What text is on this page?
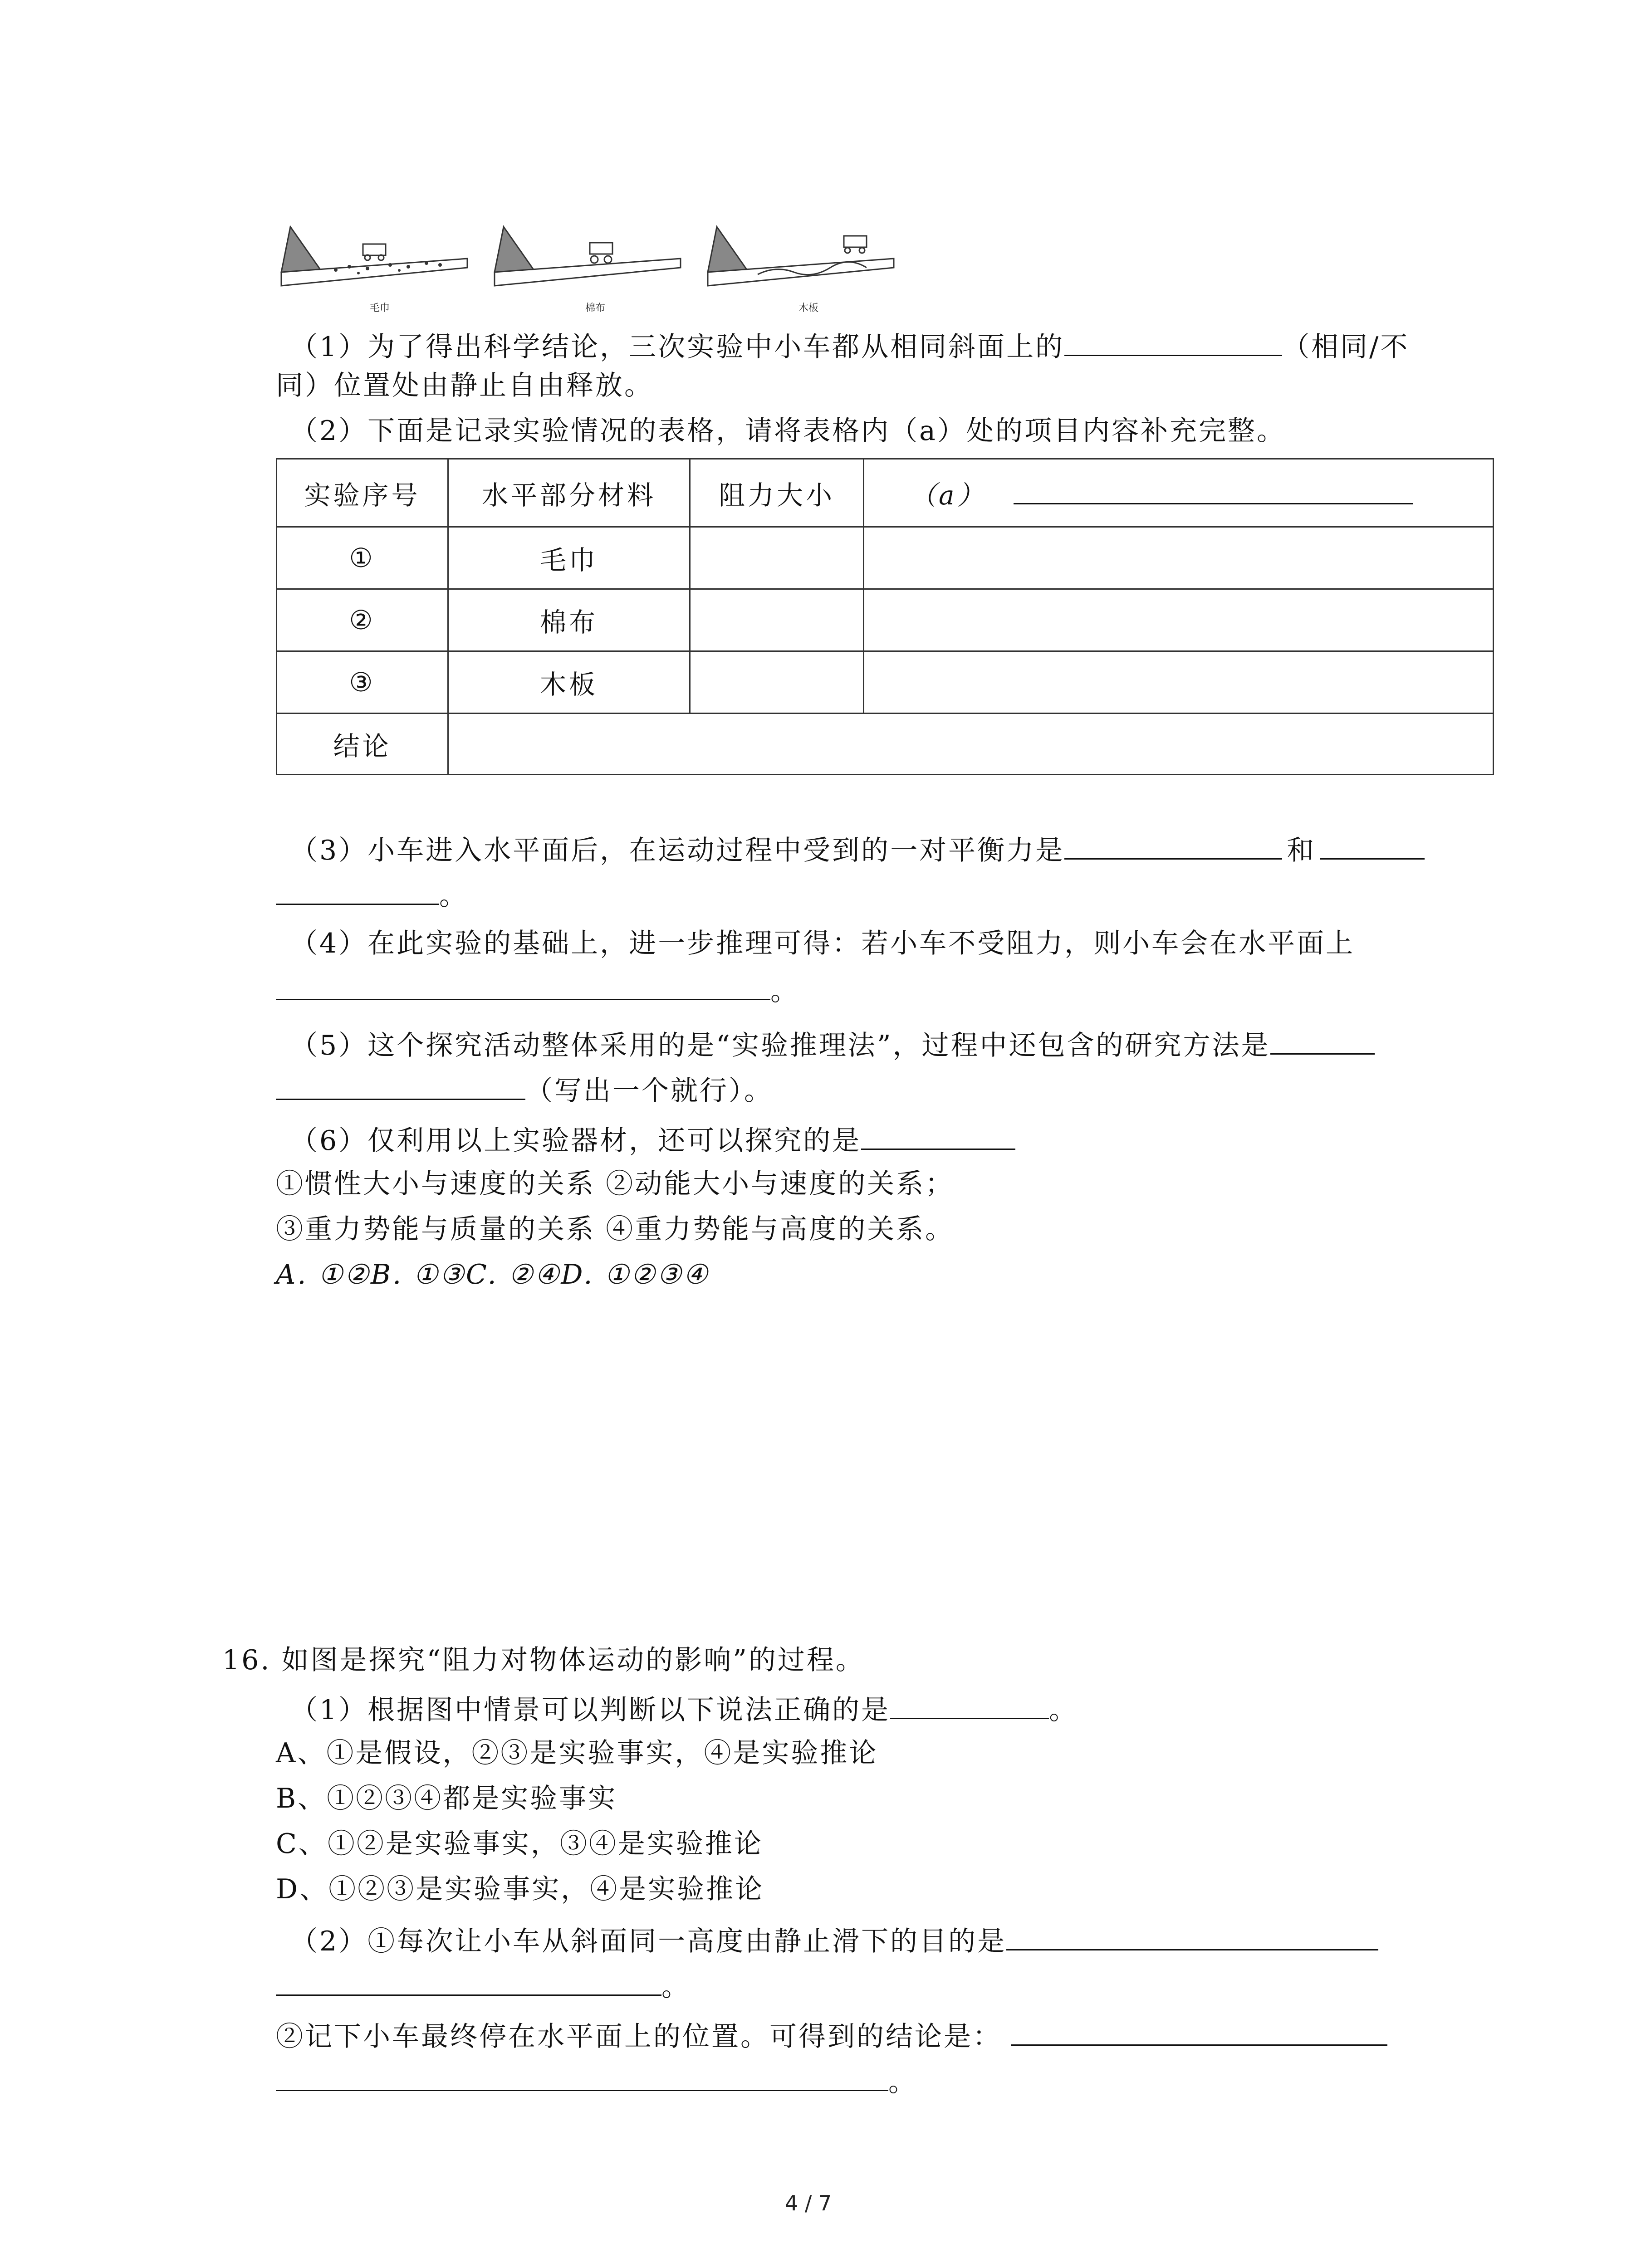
毛巾	棉布	木板
（1）为了得出科学结论，三次实验中小车都从相同斜面上的	（相同/不
同）位置处由静止自由释放。
（2）下面是记录实验情况的表格，请将表格内（a）处的项目内容补充完整。
实验序号	水平部分材料	阻力大小	（a）
①	毛巾		
②	棉布		
③	木板		
结论			
（3）小车进入水平面后，在运动过程中受到的一对平衡力是	和
。
（4）在此实验的基础上，进一步推理可得：若小车不受阻力，则小车会在水平面上
。
（5）这个探究活动整体采用的是“实验推理法”，过程中还包含的研究方法是
（写出一个就行）。
（6）仅利用以上实验器材，还可以探究的是
①惯性大小与速度的关系 ②动能大小与速度的关系；
③重力势能与质量的关系 ④重力势能与高度的关系。
A. ①②B. ①③C. ②④D. ①②③④
16. 如图是探究“阻力对物体运动的影响”的过程。
（1）根据图中情景可以判断以下说法正确的是	。
A、①是假设，②③是实验事实，④是实验推论
B、①②③④都是实验事实
C、①②是实验事实，③④是实验推论
D、①②③是实验事实，④是实验推论
（2）①每次让小车从斜面同一高度由静止滑下的目的是
。
②记下小车最终停在水平面上的位置。可得到的结论是：
。
4 / 7
